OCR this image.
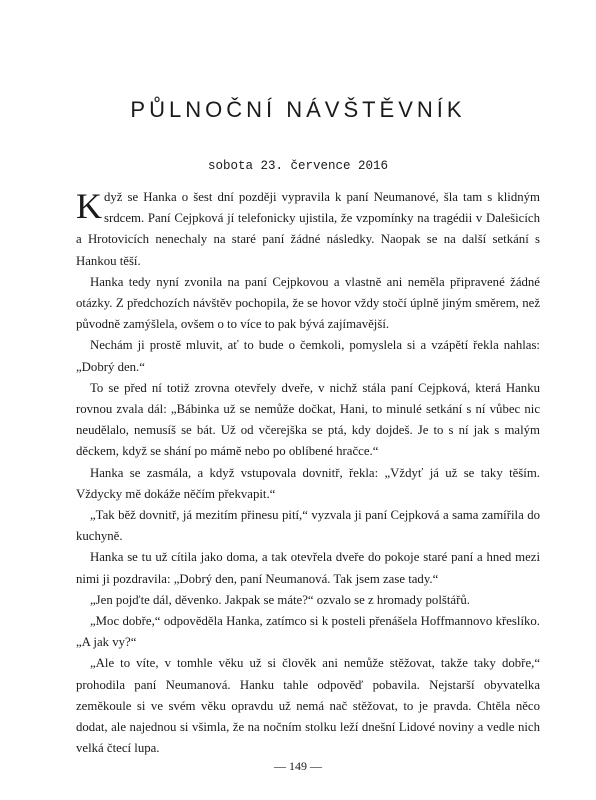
PŮLNOČNÍ NÁVŠTĚVNÍK
sobota 23. července 2016

Když se Hanka o šest dní později vypravila k paní Neumanové, šla tam s klidným srdcem. Paní Cejpková jí telefonicky ujistila, že vzpomínky na tragédii v Dalešicích a Hrotovicích nenechaly na staré paní žádné následky. Naopak se na další setkání s Hankou těší.

Hanka tedy nyní zvonila na paní Cejpkovou a vlastně ani neměla připravené žádné otázky. Z předchozích návštěv pochopila, že se hovor vždy stočí úplně jiným směrem, než původně zamýšlela, ovšem o to více to pak bývá zajímavější.

Nechám ji prostě mluvit, ať to bude o čemkoli, pomyslela si a vzápětí řekla nahlas: „Dobrý den.“

To se před ní totiž zrovna otevřely dveře, v nichž stála paní Cejpková, která Hanku rovnou zvala dál: „Bábinka už se nemůže dočkat, Hani, to minulé setkání s ní vůbec nic neudělalo, nemusíš se bát. Už od včerejška se ptá, kdy dojdeš. Je to s ní jak s malým děckem, když se shání po mámě nebo po oblíbené hračce.“

Hanka se zasmála, a když vstupovala dovnitř, řekla: „Vždyť já už se taky těším. Vždycky mě dokáže něčím překvapit.“

„Tak běž dovnitř, já mezitím přinesu pití,“ vyzvala ji paní Cejpková a sama zamířila do kuchyně.

Hanka se tu už cítila jako doma, a tak otevřela dveře do pokoje staré paní a hned mezi nimi ji pozdravila: „Dobrý den, paní Neumanová. Tak jsem zase tady.“

„Jen pojďte dál, děvenko. Jakpak se máte?“ ozvalo se z hromady polštářů.

„Moc dobře,“ odpověděla Hanka, zatímco si k posteli přenášela Hoffmannovo křeslíko. „A jak vy?“

„Ale to víte, v tomhle věku už si člověk ani nemůže stěžovat, takže taky dobře,“ prohodila paní Neumanová. Hanku tahle odpověď pobavila. Nejstarší obyvatelka zeměkoule si ve svém věku opravdu už nemá nač stěžovat, to je pravda. Chtěla něco dodat, ale najednou si všimla, že na nočním stolku leží dnešní Lidové noviny a vedle nich velká čtecí lupa.

— 149 —
